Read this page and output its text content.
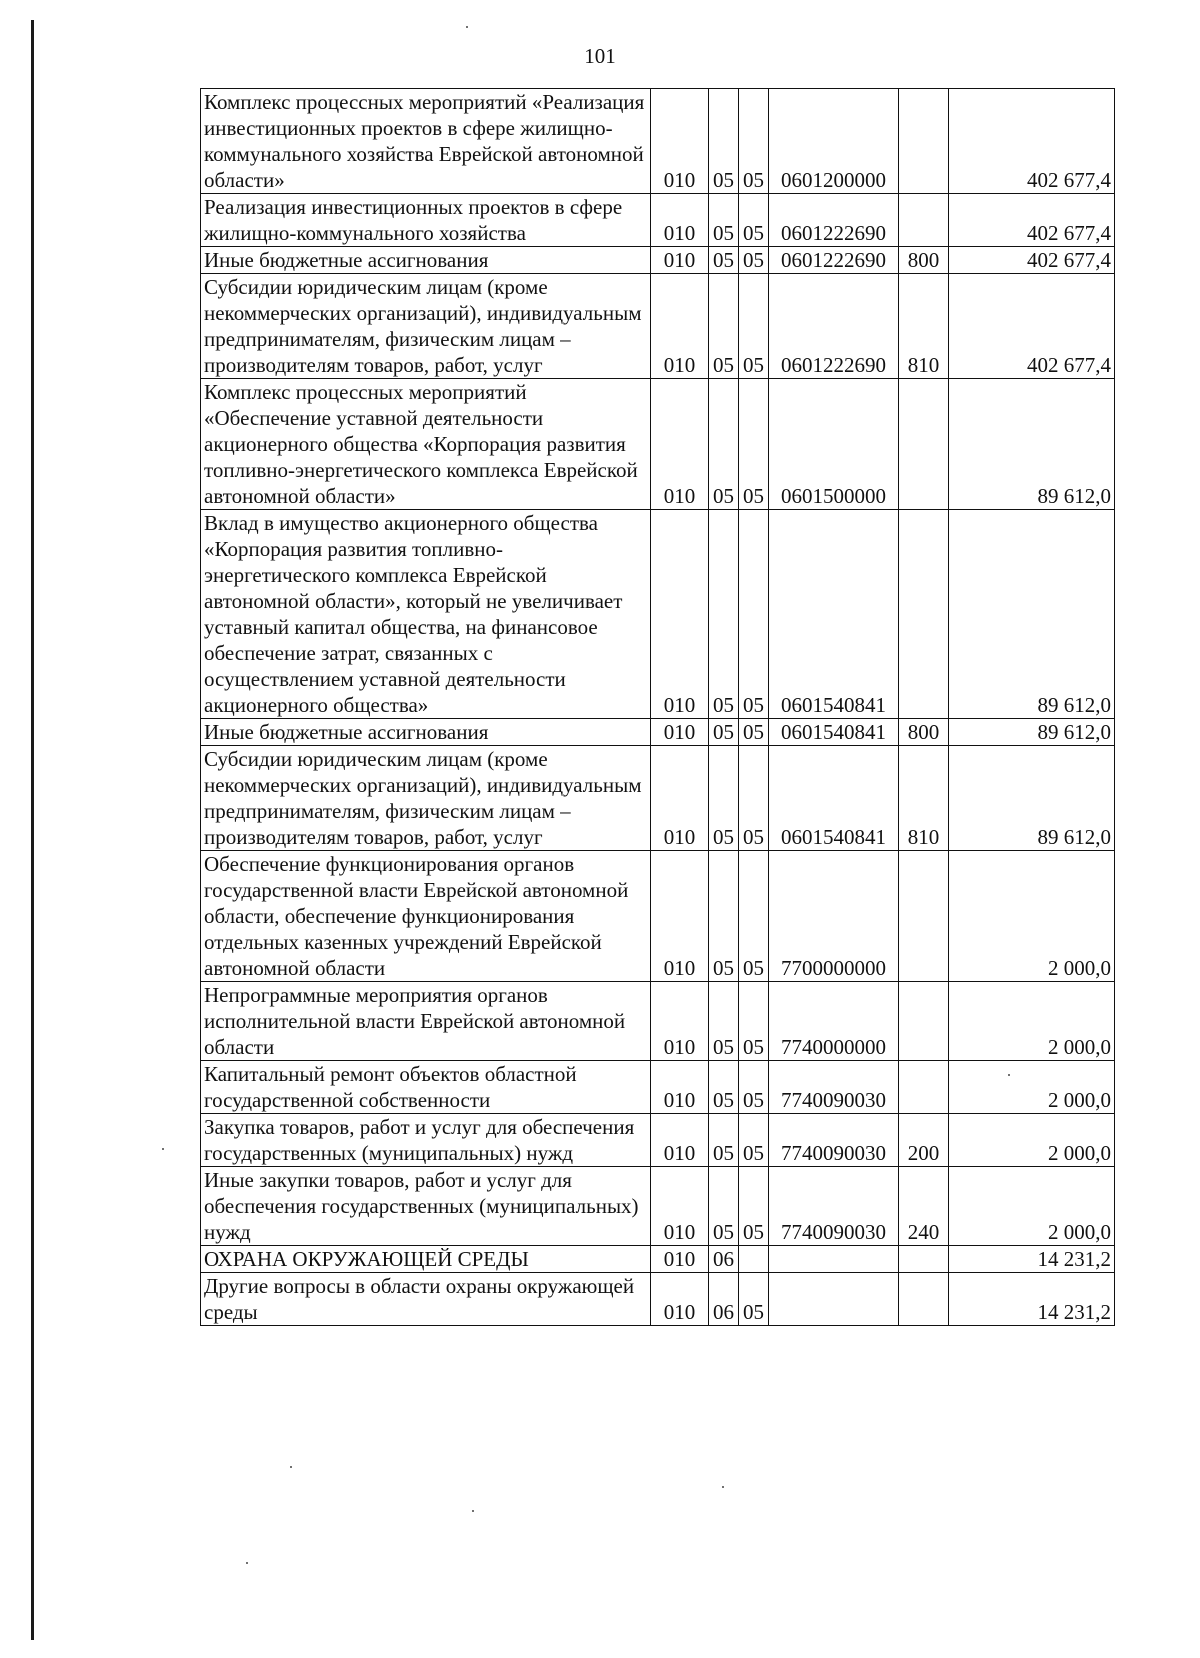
101
Комплекс процессных мероприятий «Реализация инвестиционных проектов в сфере жилищно-коммунального хозяйства Еврейской автономной области»	010	05	05	0601200000		402 677,4
Реализация инвестиционных проектов в сфере жилищно-коммунального хозяйства	010	05	05	0601222690		402 677,4
Иные бюджетные ассигнования	010	05	05	0601222690	800	402 677,4
Субсидии юридическим лицам (кроме некоммерческих организаций), индивидуальным предпринимателям, физическим лицам – производителям товаров, работ, услуг	010	05	05	0601222690	810	402 677,4
Комплекс процессных мероприятий «Обеспечение уставной деятельности акционерного общества «Корпорация развития топливно-энергетического комплекса Еврейской автономной области»	010	05	05	0601500000		89 612,0
Вклад в имущество акционерного общества «Корпорация развития топливно-энергетического комплекса Еврейской автономной области», который не увеличивает уставный капитал общества, на финансовое обеспечение затрат, связанных с осуществлением уставной деятельности акционерного общества»	010	05	05	0601540841		89 612,0
Иные бюджетные ассигнования	010	05	05	0601540841	800	89 612,0
Субсидии юридическим лицам (кроме некоммерческих организаций), индивидуальным предпринимателям, физическим лицам – производителям товаров, работ, услуг	010	05	05	0601540841	810	89 612,0
Обеспечение функционирования органов государственной власти Еврейской автономной области, обеспечение функционирования отдельных казенных учреждений Еврейской автономной области	010	05	05	7700000000		2 000,0
Непрограммные мероприятия органов исполнительной власти Еврейской автономной области	010	05	05	7740000000		2 000,0
Капитальный ремонт объектов областной государственной собственности	010	05	05	7740090030		2 000,0
Закупка товаров, работ и услуг для обеспечения государственных (муниципальных) нужд	010	05	05	7740090030	200	2 000,0
Иные закупки товаров, работ и услуг для обеспечения государственных (муниципальных) нужд	010	05	05	7740090030	240	2 000,0
ОХРАНА ОКРУЖАЮЩЕЙ СРЕДЫ	010	06				14 231,2
Другие вопросы в области охраны окружающей среды	010	06	05			14 231,2
